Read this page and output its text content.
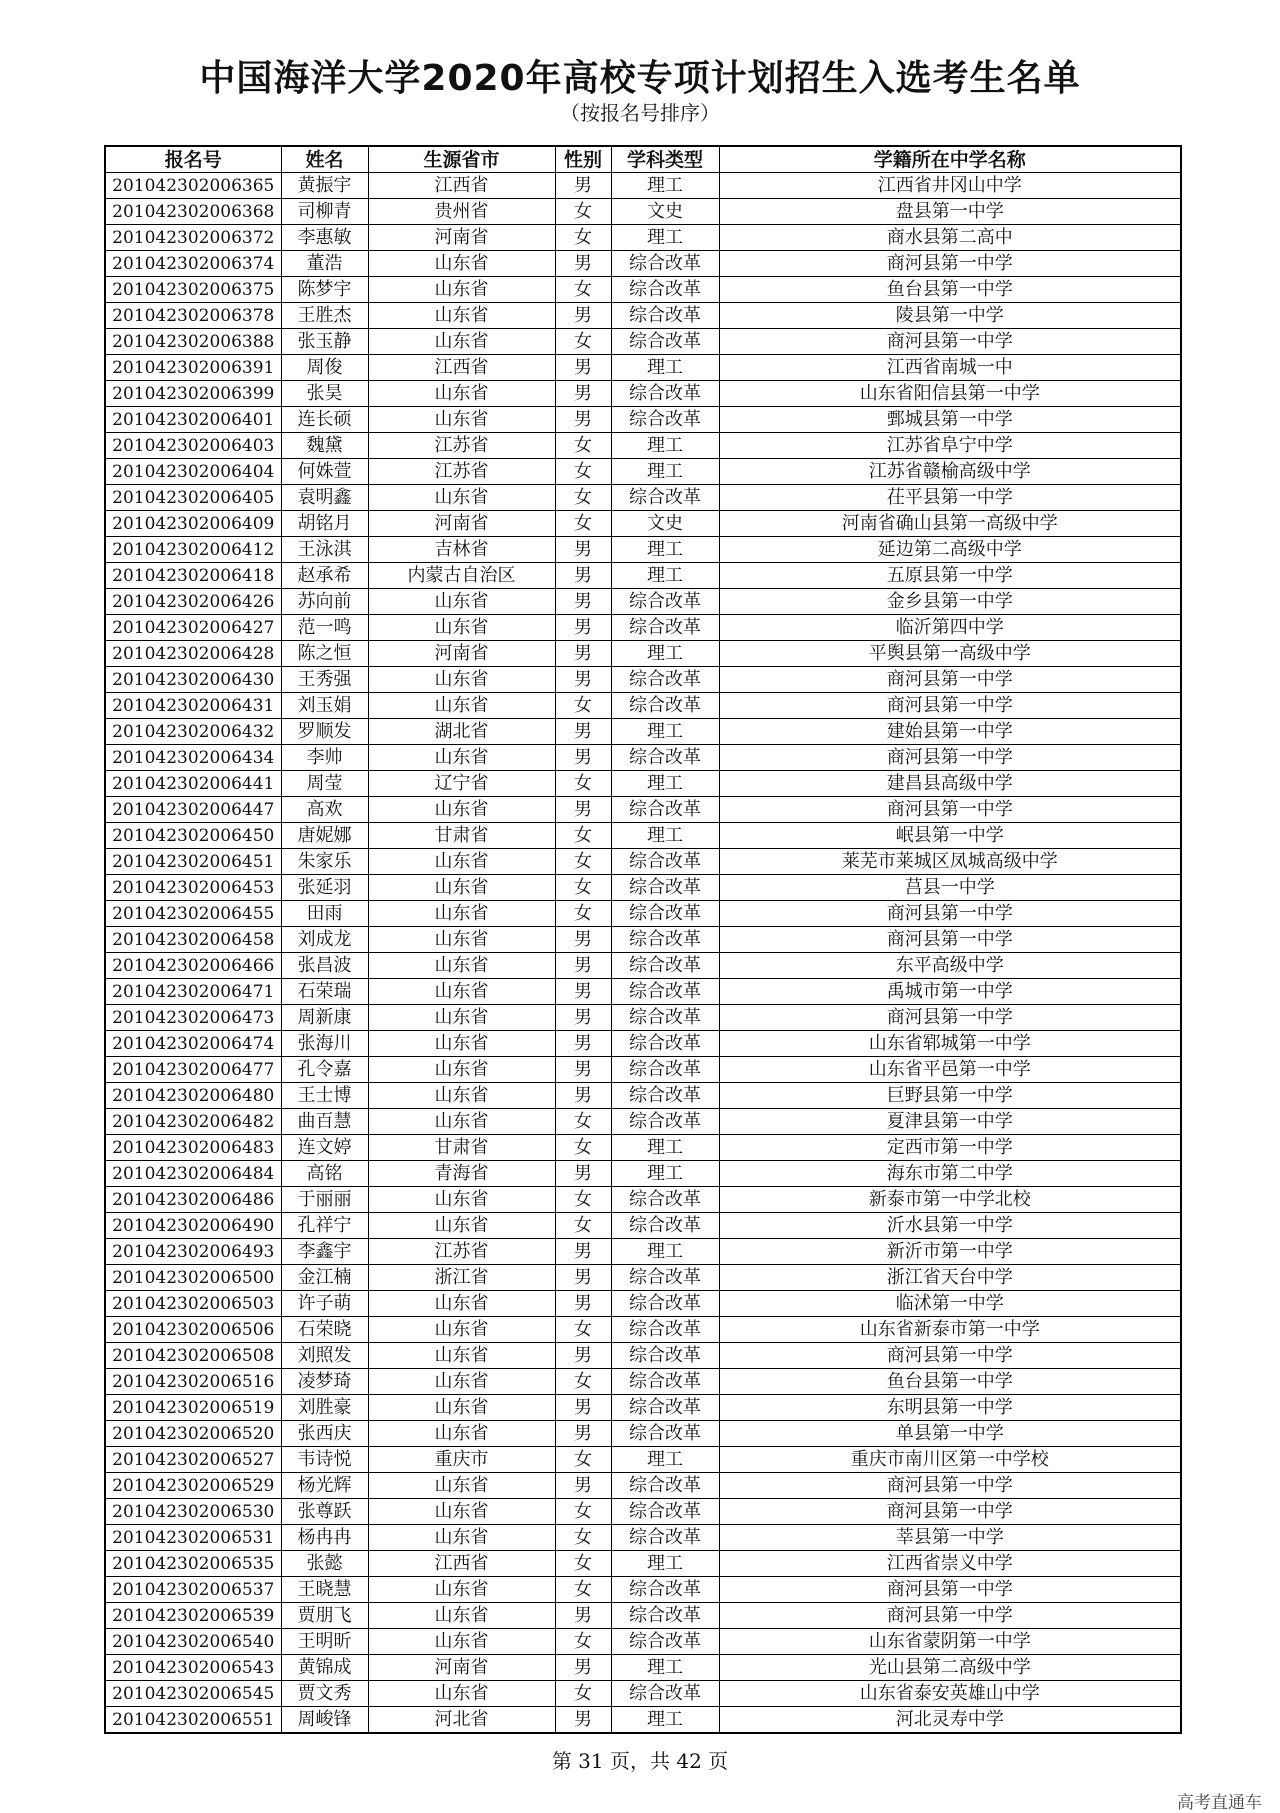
中国海洋大学2020年高校专项计划招生入选考生名单
（按报名号排序）
报名号	姓名	生源省市	性别	学科类型	学籍所在中学名称
201042302006365	黄振宇	江西省	男	理工	江西省井冈山中学
201042302006368	司柳青	贵州省	女	文史	盘县第一中学
201042302006372	李惠敏	河南省	女	理工	商水县第二高中
201042302006374	董浩	山东省	男	综合改革	商河县第一中学
201042302006375	陈梦宇	山东省	女	综合改革	鱼台县第一中学
201042302006378	王胜杰	山东省	男	综合改革	陵县第一中学
201042302006388	张玉静	山东省	女	综合改革	商河县第一中学
201042302006391	周俊	江西省	男	理工	江西省南城一中
201042302006399	张昊	山东省	男	综合改革	山东省阳信县第一中学
201042302006401	连长硕	山东省	男	综合改革	鄄城县第一中学
201042302006403	魏黛	江苏省	女	理工	江苏省阜宁中学
201042302006404	何姝萱	江苏省	女	理工	江苏省赣榆高级中学
201042302006405	袁明鑫	山东省	女	综合改革	茌平县第一中学
201042302006409	胡铭月	河南省	女	文史	河南省确山县第一高级中学
201042302006412	王泳淇	吉林省	男	理工	延边第二高级中学
201042302006418	赵承希	内蒙古自治区	男	理工	五原县第一中学
201042302006426	苏向前	山东省	男	综合改革	金乡县第一中学
201042302006427	范一鸣	山东省	男	综合改革	临沂第四中学
201042302006428	陈之恒	河南省	男	理工	平舆县第一高级中学
201042302006430	王秀强	山东省	男	综合改革	商河县第一中学
201042302006431	刘玉娟	山东省	女	综合改革	商河县第一中学
201042302006432	罗顺发	湖北省	男	理工	建始县第一中学
201042302006434	李帅	山东省	男	综合改革	商河县第一中学
201042302006441	周莹	辽宁省	女	理工	建昌县高级中学
201042302006447	高欢	山东省	男	综合改革	商河县第一中学
201042302006450	唐妮娜	甘肃省	女	理工	岷县第一中学
201042302006451	朱家乐	山东省	女	综合改革	莱芜市莱城区凤城高级中学
201042302006453	张延羽	山东省	女	综合改革	莒县一中学
201042302006455	田雨	山东省	女	综合改革	商河县第一中学
201042302006458	刘成龙	山东省	男	综合改革	商河县第一中学
201042302006466	张昌波	山东省	男	综合改革	东平高级中学
201042302006471	石荣瑞	山东省	男	综合改革	禹城市第一中学
201042302006473	周新康	山东省	男	综合改革	商河县第一中学
201042302006474	张海川	山东省	男	综合改革	山东省郓城第一中学
201042302006477	孔令嘉	山东省	男	综合改革	山东省平邑第一中学
201042302006480	王士博	山东省	男	综合改革	巨野县第一中学
201042302006482	曲百慧	山东省	女	综合改革	夏津县第一中学
201042302006483	连文婷	甘肃省	女	理工	定西市第一中学
201042302006484	高铭	青海省	男	理工	海东市第二中学
201042302006486	于丽丽	山东省	女	综合改革	新泰市第一中学北校
201042302006490	孔祥宁	山东省	女	综合改革	沂水县第一中学
201042302006493	李鑫宇	江苏省	男	理工	新沂市第一中学
201042302006500	金江楠	浙江省	男	综合改革	浙江省天台中学
201042302006503	许子萌	山东省	男	综合改革	临沭第一中学
201042302006506	石荣晓	山东省	女	综合改革	山东省新泰市第一中学
201042302006508	刘照发	山东省	男	综合改革	商河县第一中学
201042302006516	凌梦琦	山东省	女	综合改革	鱼台县第一中学
201042302006519	刘胜豪	山东省	男	综合改革	东明县第一中学
201042302006520	张西庆	山东省	男	综合改革	单县第一中学
201042302006527	韦诗悦	重庆市	女	理工	重庆市南川区第一中学校
201042302006529	杨光辉	山东省	男	综合改革	商河县第一中学
201042302006530	张尊跃	山东省	女	综合改革	商河县第一中学
201042302006531	杨冉冉	山东省	女	综合改革	莘县第一中学
201042302006535	张懿	江西省	女	理工	江西省崇义中学
201042302006537	王晓慧	山东省	女	综合改革	商河县第一中学
201042302006539	贾朋飞	山东省	男	综合改革	商河县第一中学
201042302006540	王明昕	山东省	女	综合改革	山东省蒙阴第一中学
201042302006543	黄锦成	河南省	男	理工	光山县第二高级中学
201042302006545	贾文秀	山东省	女	综合改革	山东省泰安英雄山中学
201042302006551	周峻锋	河北省	男	理工	河北灵寿中学
第 31 页，共 42 页
高考直通车
